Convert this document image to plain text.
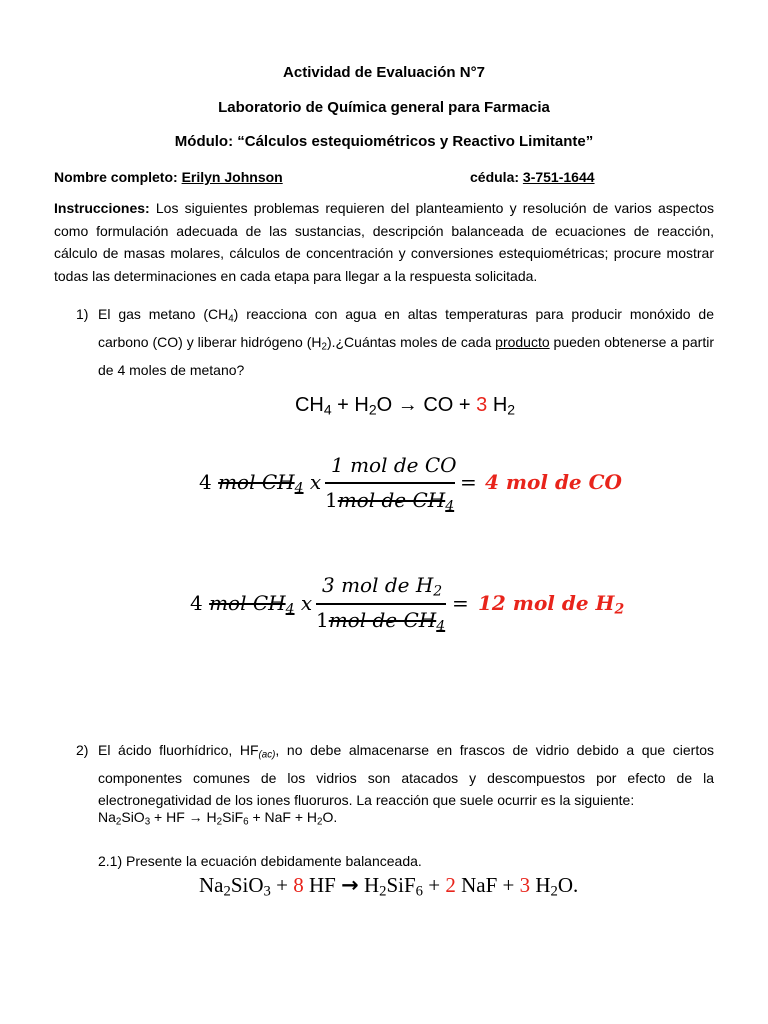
Actividad de Evaluación N°7
Laboratorio de Química general para Farmacia
Módulo: “Cálculos estequiométricos y Reactivo Limitante”
Nombre completo: Erilyn Johnson	cédula: 3-751-1644
Instrucciones: Los siguientes problemas requieren del planteamiento y resolución de varios aspectos como formulación adecuada de las sustancias, descripción balanceada de ecuaciones de reacción, cálculo de masas molares, cálculos de concentración y conversiones estequiométricas; procure mostrar todas las determinaciones en cada etapa para llegar a la respuesta solicitada.
1) El gas metano $(CH_4)$ reacciona con agua en altas temperaturas para producir monóxido de carbono (CO) y liberar hidrógeno $(H_2).¿Cuántas$ moles de cada producto pueden obtenerse a partir de 4 moles de metano?
$CH_4 + H_2O$ → CO + 3 $H_2$
4 mol $CH_4$ x
1 mol de CO
1mol de $CH_4$
= 4 mol de CO
4 mol $CH_4$ x
3 mol de $H_2$
1mol de $CH_4$
= 12 mol de $H_2$
2) El ácido fluorhídrico, $HF_{(ac)}$, no debe almacenarse en frascos de vidrio debido a que ciertos componentes comunes de los vidrios son atacados y descompuestos por efecto de la electronegatividad de los iones fluoruros. La reacción que suele ocurrir es la siguiente:
$Na_2SiO_3$ + HF → $H_2SiF_6$ + NaF + $H_2O$.
2.1) Presente la ecuación debidamente balanceada.
$Na_2SiO_3 + 8$ HF → $H_2SiF_6 + 2$ NaF + 3 $H_2O$.
